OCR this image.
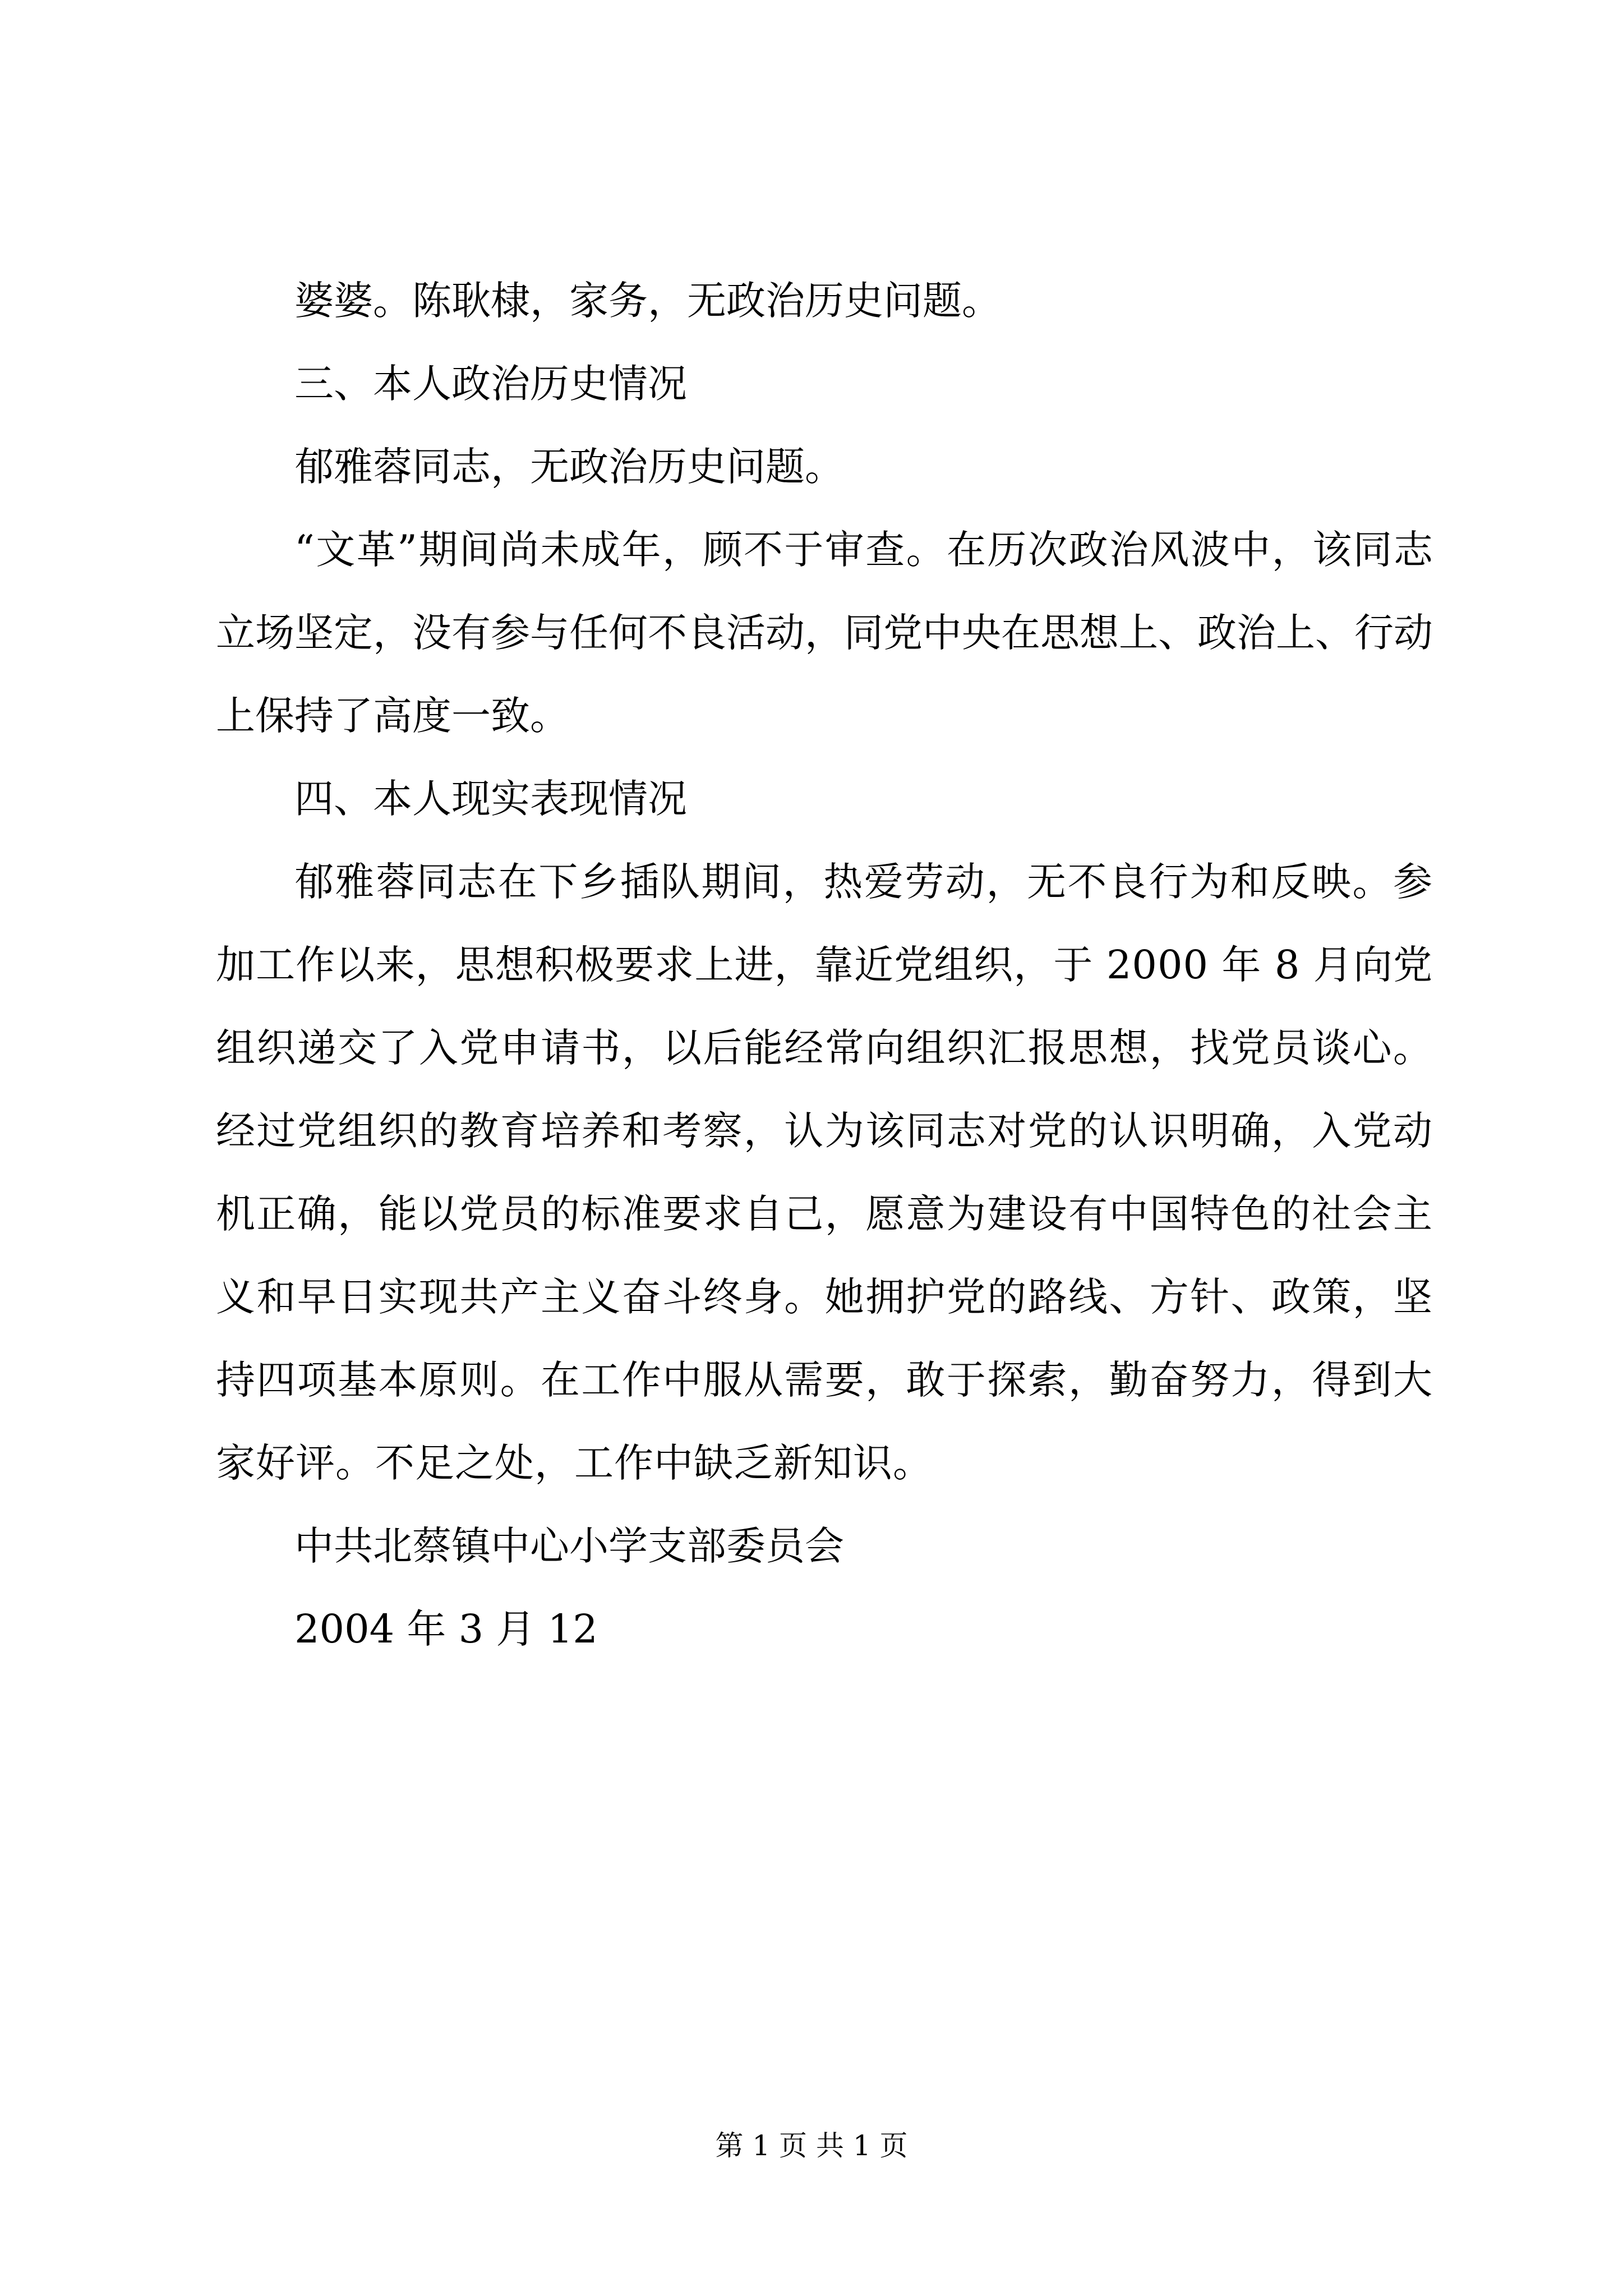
婆婆。陈耿棣，家务，无政治历史问题。

三、本人政治历史情况

郁雅蓉同志，无政治历史问题。

“文革”期间尚未成年，顾不于审查。在历次政治风波中，该同志立场坚定，没有参与任何不良活动，同党中央在思想上、政治上、行动上保持了高度一致。

四、本人现实表现情况

郁雅蓉同志在下乡插队期间，热爱劳动，无不良行为和反映。参加工作以来，思想积极要求上进，靠近党组织，于 2000 年 8 月向党组织递交了入党申请书，以后能经常向组织汇报思想，找党员谈心。经过党组织的教育培养和考察，认为该同志对党的认识明确，入党动机正确，能以党员的标准要求自己，愿意为建设有中国特色的社会主义和早日实现共产主义奋斗终身。她拥护党的路线、方针、政策，坚持四项基本原则。在工作中服从需要，敢于探索，勤奋努力，得到大家好评。不足之处，工作中缺乏新知识。

中共北蔡镇中心小学支部委员会

2004 年 3 月 12

第 1 页 共 1 页
